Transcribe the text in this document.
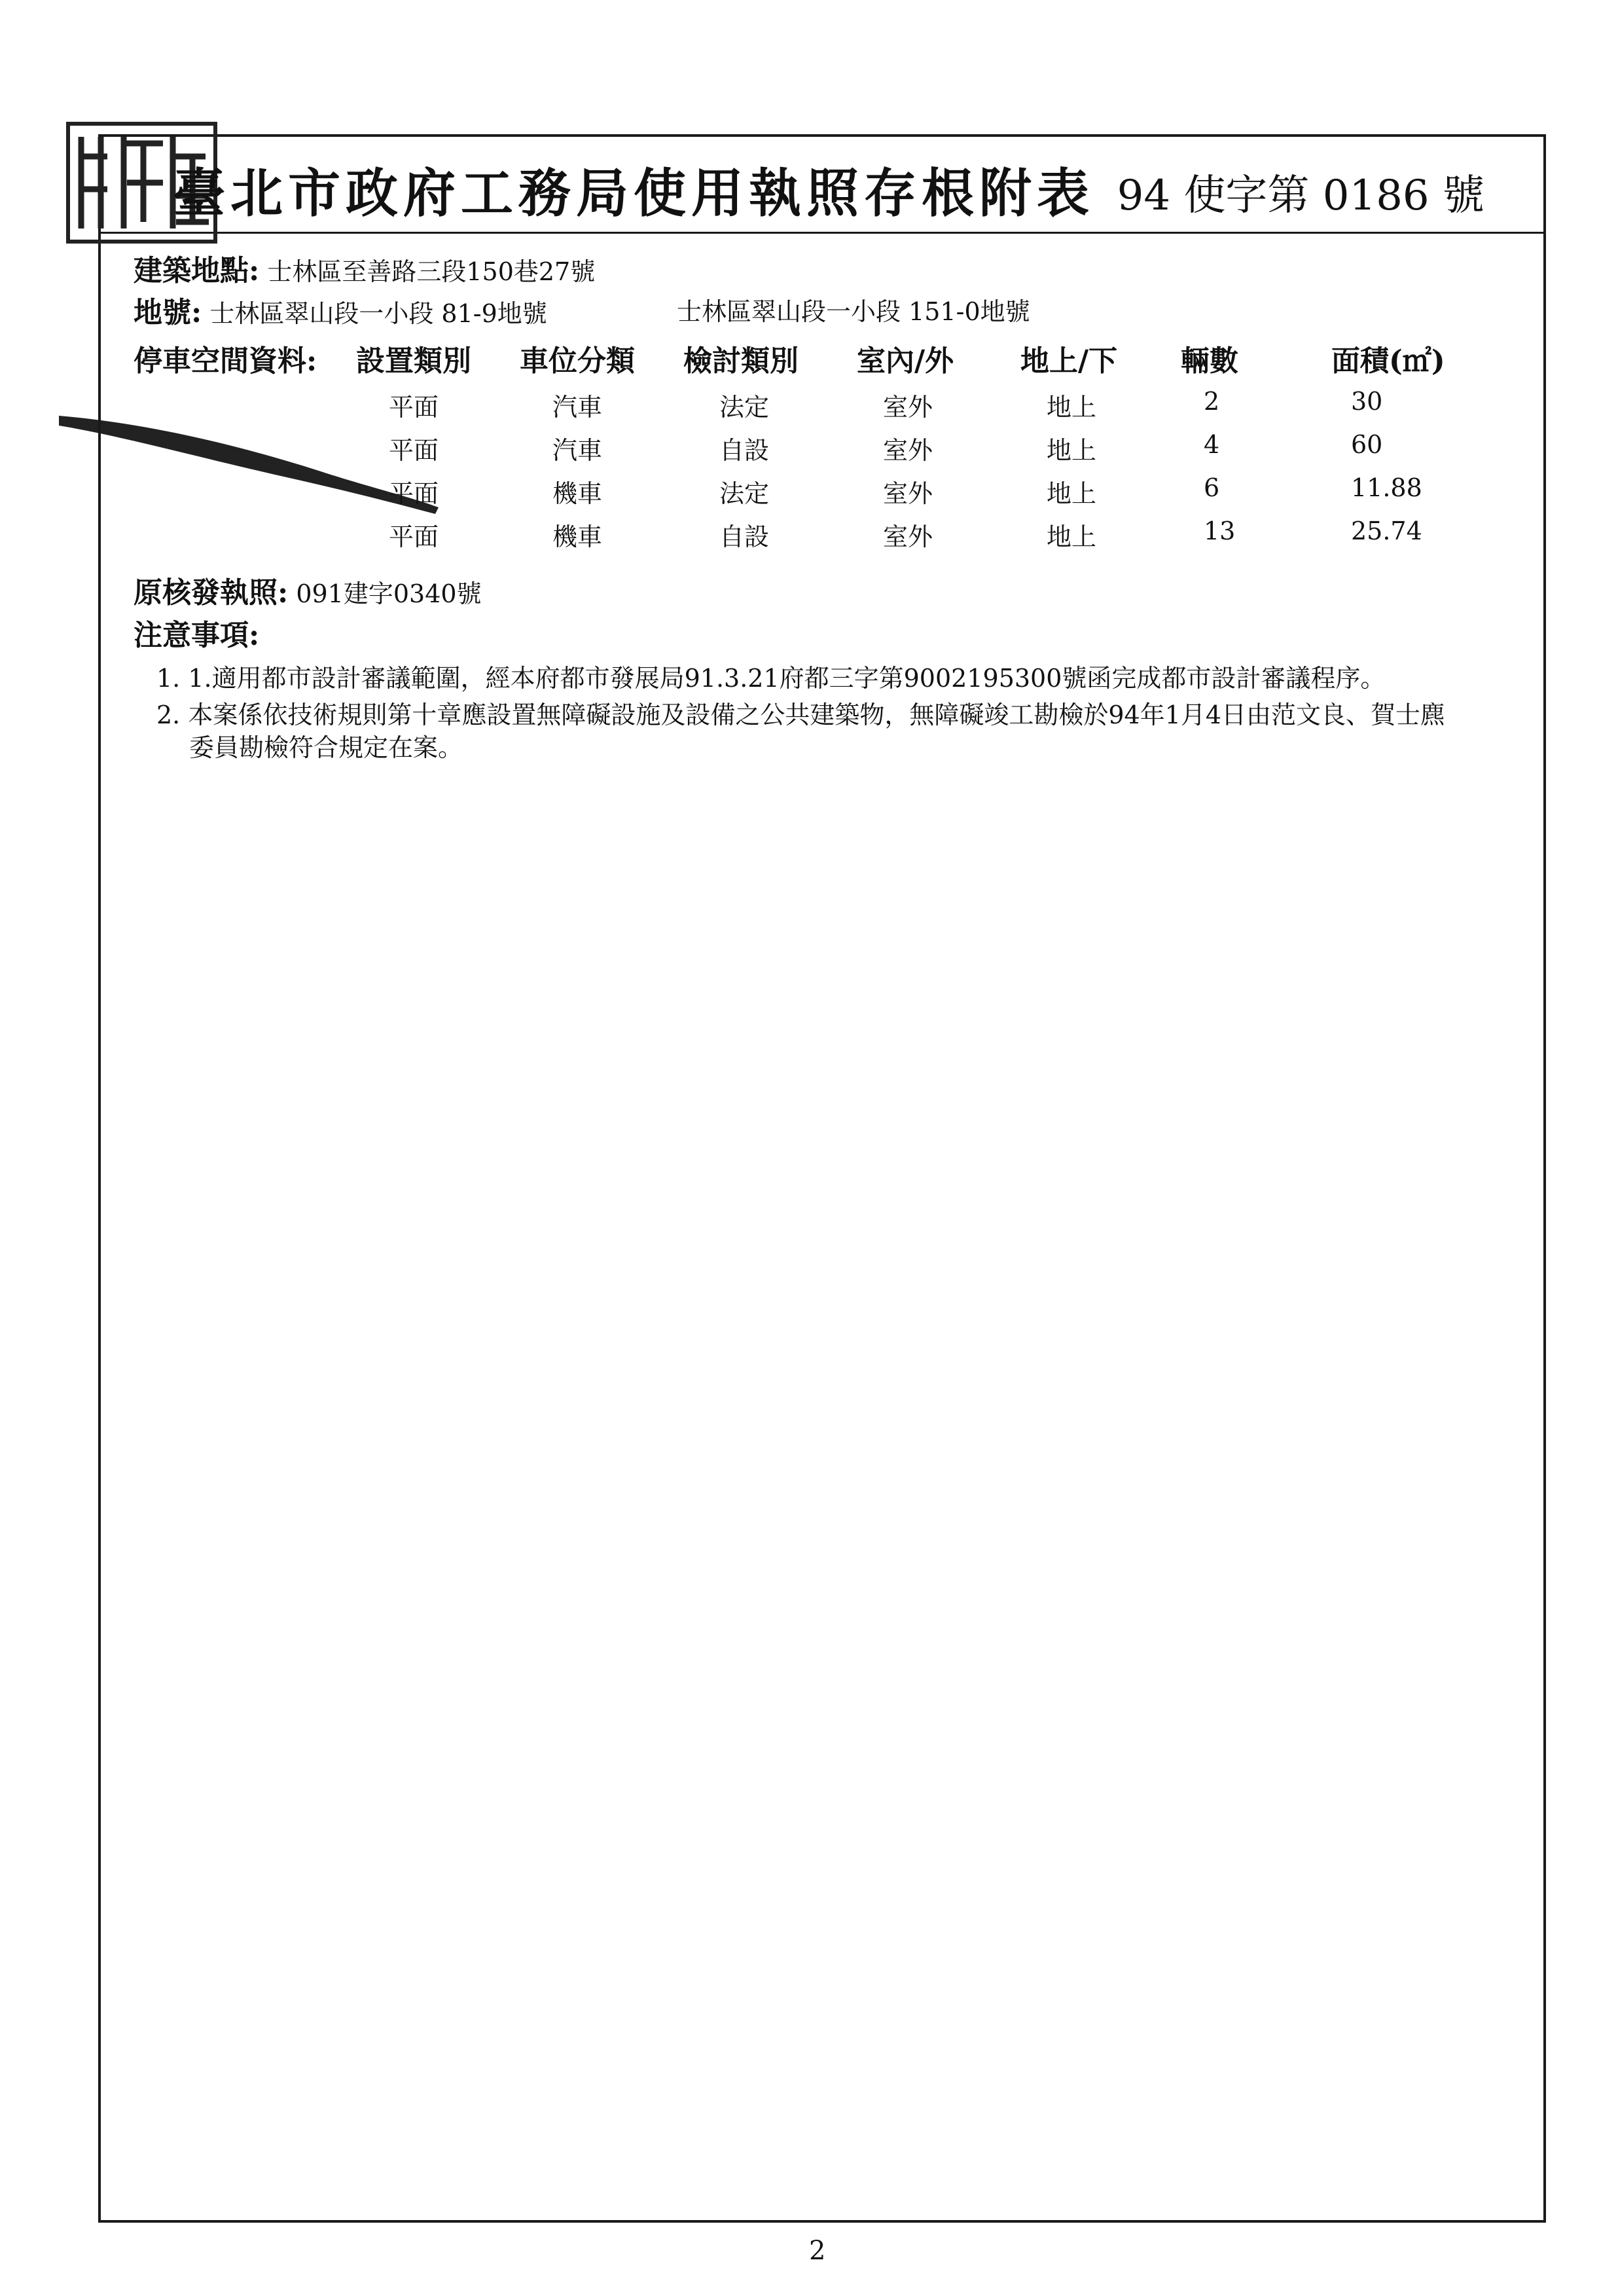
臺北市政府工務局使用執照存根附表 94 使字第 0186 號
建築地點: 士林區至善路三段150巷27號
地號: 士林區翠山段一小段 81-9地號	士林區翠山段一小段 151-0地號
停車空間資料: 設置類別 車位分類 檢討類別 室內/外 地上/下 輛數	面積(㎡)
平面	汽車	法定	室外	地上	2	30
平面	汽車	自設	室外	地上	4	60
平面	機車	法定	室外	地上	6	11.88
平面	機車	自設	室外	地上	13	25.74
原核發執照: 091建字0340號
注意事項:
1. 1.適用都市設計審議範圍，經本府都市發展局91.3.21府都三字第9002195300號函完成都市設計審議程序。
2. 本案係依技術規則第十章應設置無障礙設施及設備之公共建築物，無障礙竣工勘檢於94年1月4日由范文良、賀士麃
委員勘檢符合規定在案。
2
